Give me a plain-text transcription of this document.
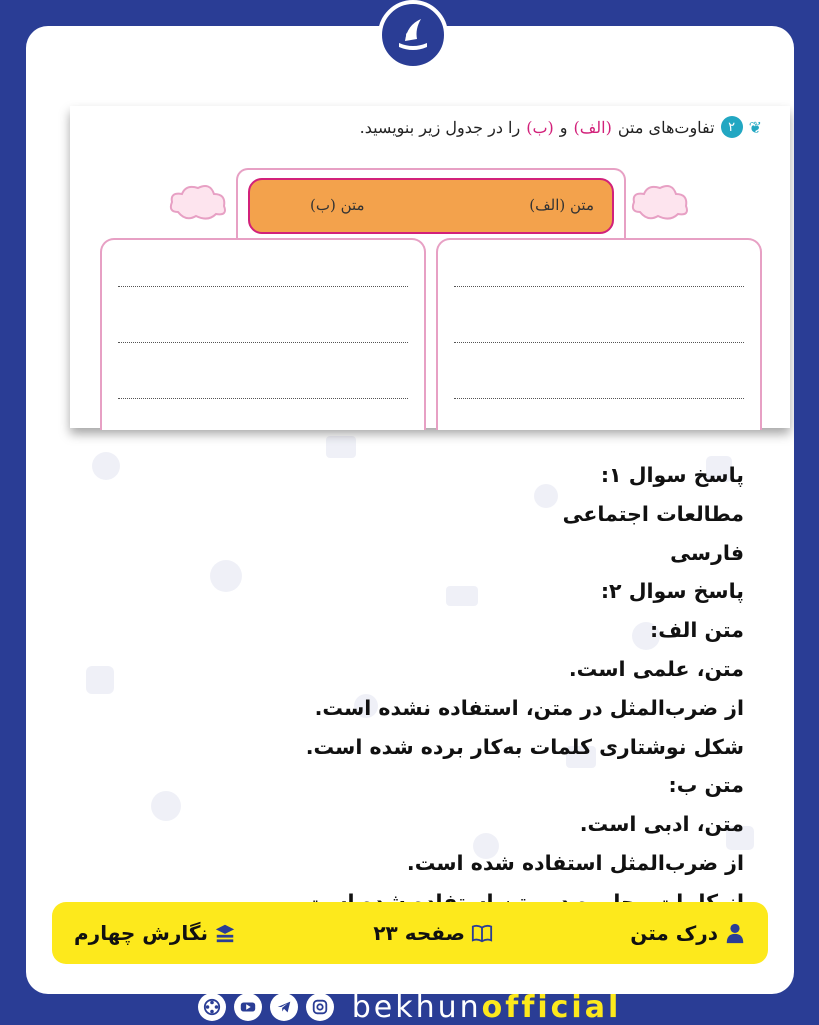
❦
۲
تفاوت‌های متن
(الف)
و
(ب)
را در جدول زیر بنویسید.
متن (الف)
متن (ب)
پاسخ سوال ۱:
مطالعات اجتماعی
فارسی
پاسخ سوال ۲:
متن الف:
متن، علمی است.
از ضرب‌المثل در متن، استفاده نشده است.
شکل نوشتاری کلمات به‌کار برده شده است.
متن ب:
متن، ادبی است.
از ضرب‌المثل استفاده شده است.
درک متن
صفحه ۲۳
نگارش چهارم
bekhunofficial
